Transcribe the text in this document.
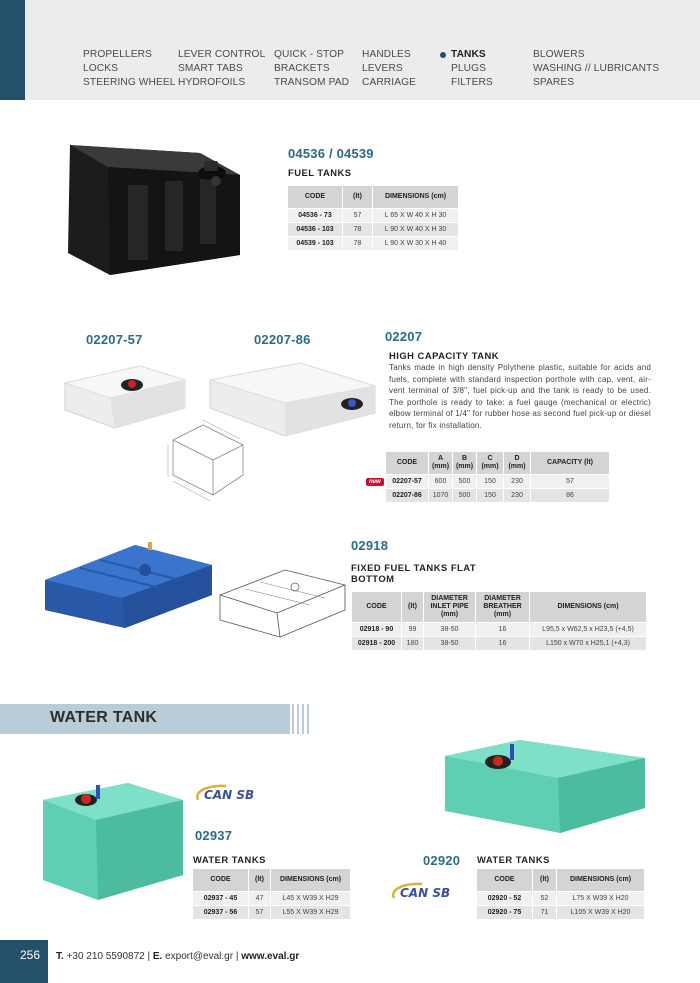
PROPELLERS
LOCKS
STEERING WHEEL
LEVER CONTROL
SMART TABS
HYDROFOILS
QUICK - STOP
BRACKETS
TRANSOM PAD
HANDLES
LEVERS
CARRIAGE
TANKS
PLUGS
FILTERS
BLOWERS
WASHING // LUBRICANTS
SPARES
04536 / 04539
FUEL TANKS
CODE	(lt)	DIMENSIONS (cm)
04536 - 73	57	L 65 X W 40 X H 30
04536 - 103	78	L 90 X W 40 X H 30
04539 - 103	78	L 90 X W 30 X H 40
02207-57	02207-86	02207
HIGH CAPACITY TANK
Tanks made in high density Polythene plastic, suitable for acids and fuels, complete with standard inspection porthole with cap, vent, air-vent terminal of 3/8", fuel pick-up and the tank is ready to be used. The porthole is ready to take: a fuel gauge (mechanical or electric) elbow terminal of 1/4" for rubber hose as second fuel pick-up or diesel return, for fix installation.
new
CODE	A (mm)	B (mm)	C (mm)	D (mm)	CAPACITY (lt)
02207-57	600	500	150	230	57
02207-86	1070	500	150	230	86
02918
FIXED FUEL TANKS FLAT
BOTTOM
CODE	(lt)	DIAMETER INLET PIPE (mm)	DIAMETER BREATHER (mm)	DIMENSIONS (cm)
02918 - 90	99	38-50	16	L95,5 x W62,5 x H23,5 (+4,5)
02918 - 200	180	38-50	16	L150 x W70 x H25,1 (+4,3)
WATER TANK
CAN SB
02937
WATER TANKS
CODE	(lt)	DIMENSIONS (cm)
02937 - 45	47	L45 X W39 X H29
02937 - 56	57	L55 X W39 X H29
02920 WATER TANKS
CAN SB
CODE	(lt)	DIMENSIONS (cm)
02920 - 52	52	L75 X W39 X H20
02920 - 75	71	L105 X W39 X H20
256	T. +30 210 5590872 | E. export@eval.gr | www.eval.gr
